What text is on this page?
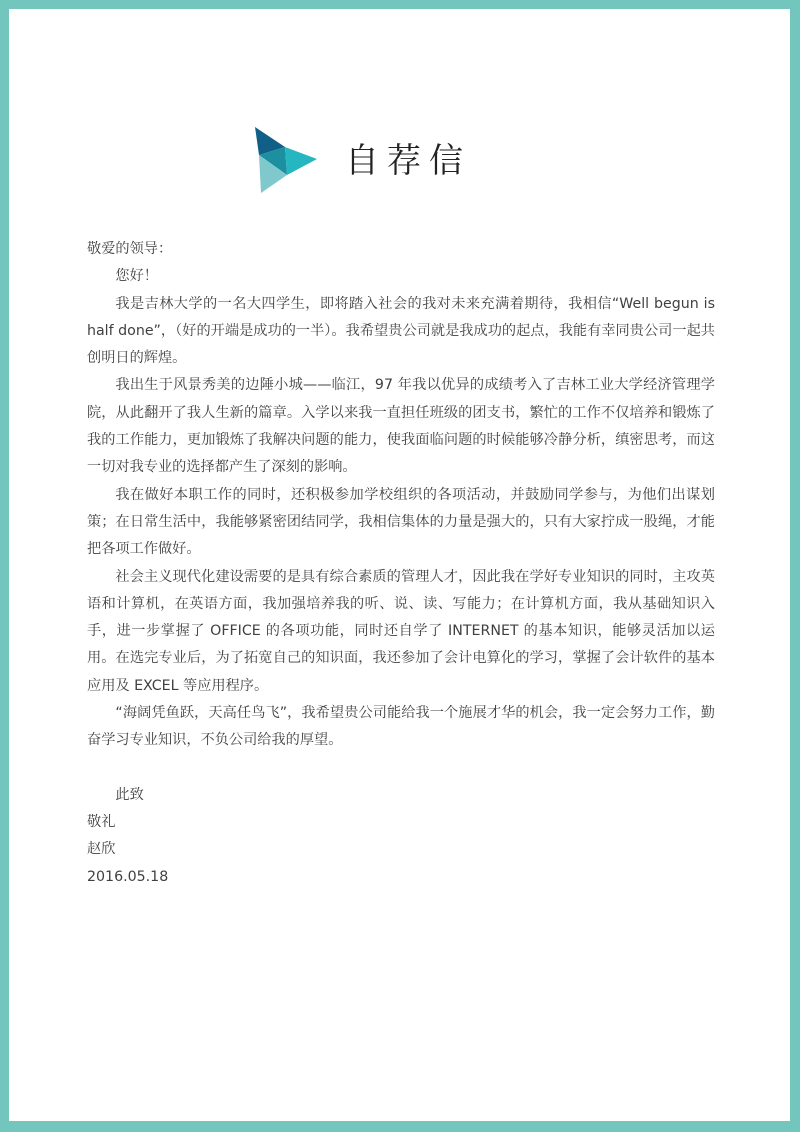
自荐信

敬爱的领导：

您好！

我是吉林大学的一名大四学生，即将踏入社会的我对未来充满着期待，我相信“Well begun is half done”，（好的开端是成功的一半）。我希望贵公司就是我成功的起点，我能有幸同贵公司一起共创明日的辉煌。

我出生于风景秀美的边陲小城——临江，97 年我以优异的成绩考入了吉林工业大学经济管理学院，从此翻开了我人生新的篇章。入学以来我一直担任班级的团支书，繁忙的工作不仅培养和锻炼了我的工作能力，更加锻炼了我解决问题的能力，使我面临问题的时候能够冷静分析，缜密思考，而这一切对我专业的选择都产生了深刻的影响。

我在做好本职工作的同时，还积极参加学校组织的各项活动，并鼓励同学参与，为他们出谋划策；在日常生活中，我能够紧密团结同学，我相信集体的力量是强大的，只有大家拧成一股绳，才能把各项工作做好。

社会主义现代化建设需要的是具有综合素质的管理人才，因此我在学好专业知识的同时，主攻英语和计算机，在英语方面，我加强培养我的听、说、读、写能力；在计算机方面，我从基础知识入手，进一步掌握了 OFFICE 的各项功能，同时还自学了 INTERNET 的基本知识，能够灵活加以运用。在选完专业后，为了拓宽自己的知识面，我还参加了会计电算化的学习，掌握了会计软件的基本应用及 EXCEL 等应用程序。

“海阔凭鱼跃，天高任鸟飞”，我希望贵公司能给我一个施展才华的机会，我一定会努力工作，勤奋学习专业知识，不负公司给我的厚望。

此致

敬礼

赵欣

2016.05.18
